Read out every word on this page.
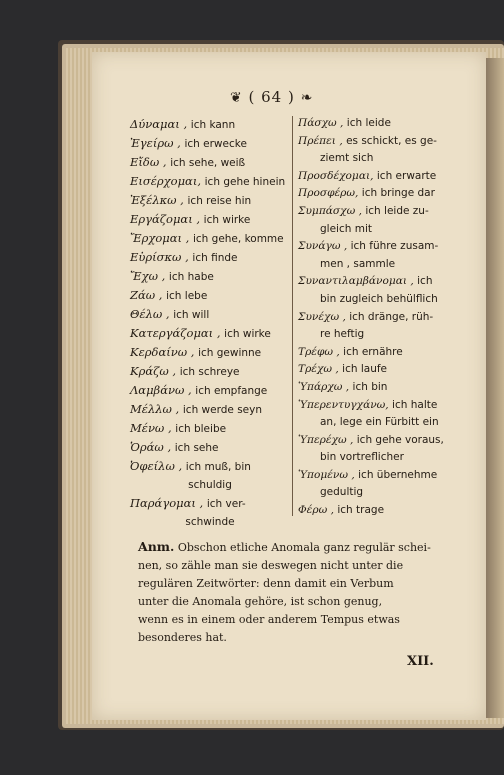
❦ ( 64 ) ❧
Δύναμαι , ich kann
Ἐγείρω , ich erwecke
Εἴδω , ich sehe, weiß
Εισέρχομαι, ich gehe hinein
Ἐξέλκω , ich reise hin
Εργάζομαι , ich wirke
Ἔρχομαι , ich gehe, komme
Εὑρίσκω , ich finde
Ἔχω , ich habe
Ζάω , ich lebe
Θέλω , ich will
Κατεργάζομαι , ich wirke
Κερδαίνω , ich gewinne
Κράζω , ich schreye
Λαμβάνω , ich empfange
Μέλλω , ich werde seyn
Μένω , ich bleibe
Ὁράω , ich sehe
Ὀφείλω , ich muß, bin
schuldig
Παράγομαι , ich ver-
schwinde
Πάσχω , ich leide
Πρέπει , es schickt, es ge-
ziemt sich
Προσδέχομαι, ich erwarte
Προσφέρω, ich bringe dar
Συμπάσχω , ich leide zu-
gleich mit
Συνάγω , ich führe zusam-
men , sammle
Συναντιλαμβάνομαι , ich
bin zugleich behülflich
Συνέχω , ich dränge, rüh-
re heftig
Τρέφω , ich ernähre
Τρέχω , ich laufe
Ὑπάρχω , ich bin
Ὑπερεντυγχάνω, ich halte
an, lege ein Fürbitt ein
Ὑπερέχω , ich gehe voraus,
bin vortreflicher
Ὑπομένω , ich übernehme
gedultig
Φέρω , ich trage
Anm. Obschon etliche Anomala ganz regulär schei-
nen, so zähle man sie deswegen nicht unter die
regulären Zeitwörter: denn damit ein Verbum
unter die Anomala gehöre, ist schon genug,
wenn es in einem oder anderem Tempus etwas
besonderes hat.
XII.
